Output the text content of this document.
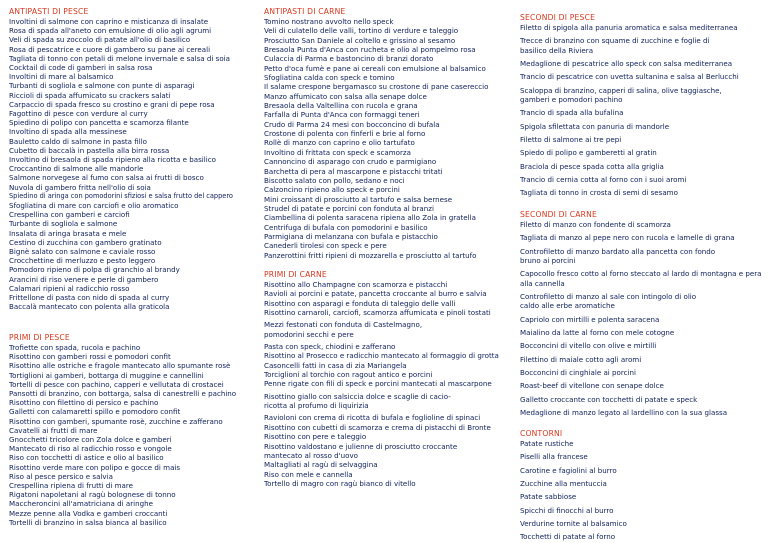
ANTIPASTI DI PESCE
Involtini di salmone con caprino e misticanza di insalate
Rosa di spada all'aneto con emulsione di olio agli agrumi
Veli di spada su zoccolo di patate all'olio di basilico
Rosa di pescatrice e cuore di gambero su pane ai cereali
Tagliata di tonno con petali di melone invernale e salsa di soia
Cocktail di code di gamberi in salsa rosa
Involtini di mare al balsamico
Turbanti di sogliola e salmone con punte di asparagi
Riccioli di spada affumicato su crackers salati
Carpaccio di spada fresco su crostino e grani di pepe rosa
Fagottino di pesce con verdure al curry
Spiedino di polipo con pancetta e scamorza filante
Involtino di spada alla messinese
Bauletto caldo di salmone in pasta fillo
Cubetto di baccalà in pastella alla birra rossa
Involtino di bresaola di spada ripieno alla ricotta e basilico
Croccantino di salmone alle mandorle
Salmone norvegese al fumo con salsa ai frutti di bosco
Nuvola di gambero fritta nell'olio di soia
Spiedino di aringa con pomodorini sfiziosi e salsa frutto del cappero
Sfogliatina di mare con carciofi e olio aromatico
Crespellina con gamberi e carciofi
Turbante di sogliola e salmone
Insalata di aringa brasata e mele
Cestino di zucchina con gambero gratinato
Bignè salato con salmone e caviale rosso
Crocchettine di merluzzo e pesto leggero
Pomodoro ripieno di polpa di granchio al brandy
Arancini di riso venere e perle di gambero
Calamari ripieni al radicchio rosso
Frittellone di pasta con nido di spada al curry
Baccalà mantecato con polenta alla graticola
PRIMI DI PESCE
Trofiette con spada, rucola e pachino
Risottino con gamberi rossi e pomodori confit
Risottino alle ostriche e fragole mantecato allo spumante rosè
Tortiglioni ai gamberi, bottarga di muggine e cannellini
Tortelli di pesce con pachino, capperi e vellutata di crostacei
Pansotti di branzino, con bottarga, salsa di canestrelli e pachino
Risottino con filettino di persico e pachino
Galletti con calamaretti spillo e pomodoro confit
Risottino con gamberi, spumante rosè, zucchine e zafferano
Cavatelli ai frutti di mare
Gnocchetti tricolore con Zola dolce e gamberi
Mantecato di riso al radicchio rosso e vongole
Riso con tocchetti di astice e olio al basilico
Risottino verde mare con polipo e gocce di mais
Riso al pesce persico e salvia
Crespellina ripiena di frutti di mare
Rigatoni napoletani al ragù bolognese di tonno
Maccheroncini all'amatriciana di aringhe
Mezze penne alla Vodka e gamberi croccanti
Tortelli di branzino in salsa bianca al basilico
ANTIPASTI DI CARNE
Tomino nostrano avvolto nello speck
Veli di culatello delle valli, tortino di verdure e taleggio
Prosciutto San Daniele al coltello e grissino al sesamo
Bresaola Punta d'Anca con rucheta e olio al pompelmo rosa
Culaccia di Parma e bastoncino di branzi dorato
Petto d'oca fumè e pane ai cereali con emulsione al balsamico
Sfogliatina calda con speck e tomino
Il salame crespone bergamasco su crostone di pane casereccio
Manzo affumicato con salsa alla senape dolce
Bresaola della Valtellina con rucola e grana
Farfalla di Punta d'Anca con formaggi teneri
Crudo di Parma 24 mesi con bocconcino di bufala
Crostone di polenta con finferli e brie al forno
Rollè di manzo con caprino e olio tartufato
Involtino di frittata con speck e scamorza
Cannoncino di asparago con crudo e parmigiano
Barchetta di pera al mascarpone e pistacchi tritati
Biscotto salato con pollo, sedano e noci
Calzoncino ripieno allo speck e porcini
Mini croissant di prosciutto al tartufo e salsa bernese
Strudel di patate e porcini con fonduta al branzi
Ciambellina di polenta saracena ripiena allo Zola in gratella
Centrifuga di bufala con pomodorini e basilico
Parmigiana di melanzana con bufala e pistacchio
Canederli tirolesi con speck e pere
Panzerottini fritti ripieni di mozzarella e prosciutto al tartufo
PRIMI DI CARNE
Risottino allo Champagne con scamorza e pistacchi
Ravioli ai porcini e patate, pancetta croccante al burro e salvia
Risottino con asparagi e fonduta di taleggio delle valli
Risottino carnaroli, carciofi, scamorza affumicata e pinoli tostati
Mezzi festonati con fonduta di Castelmagno, pomodorini secchi e pere
Pasta con speck, chiodini e zafferano
Risottino al Prosecco e radicchio mantecato al formaggio di grotta
Casoncelli fatti in casa di zia Mariangela
Torciglioni al torchio con ragout antico e porcini
Penne rigate con fili di speck e porcini mantecati al mascarpone
Risottino giallo con salsiccia dolce e scaglie di cacio-ricotta al profumo di liquirizia
Ravioloni con crema di ricotta di bufala e foglioline di spinaci
Risottino con cubetti di scamorza e crema di pistacchi di Bronte
Risottino con pere e taleggio
Risottino valdostano e julienne di prosciutto croccante mantecato al rosso d'uovo
Maltagliati al ragù di selvaggina
Riso con mele e cannella
Tortello di magro con ragù bianco di vitello
SECONDI DI PESCE
Filetto di spigola alla panuria aromatica e salsa mediterranea
Trecce di branzino con squame di zucchine e foglie di basilico della Riviera
Medaglione di pescatrice allo speck con salsa mediterranea
Trancio di pescatrice con uvetta sultanina e salsa al Berlucchi
Scaloppa di branzino, capperi di salina, olive taggiasche, gamberi e pomodori pachino
Trancio di spada alla bufalina
Spigola sfilettata con panuria di mandorle
Filetto di salmone ai tre pepi
Spiedo di polipo e gamberetti al gratin
Braciola di pesce spada cotta alla griglia
Trancio di cernia cotta al forno con i suoi aromi
Tagliata di tonno in crosta di semi di sesamo
SECONDI DI CARNE
Filetto di manzo con fondente di scamorza
Tagliata di manzo al pepe nero con rucola e lamelle di grana
Controfiletto di manzo bardato alla pancetta con fondo bruno ai porcini
Capocollo fresco cotto al forno steccato al lardo di montagna e pera alla cannella
Controfiletto di manzo al sale con intingolo di olio caldo alle erbe aromatiche
Capriolo con mirtilli e polenta saracena
Maialino da latte al forno con mele cotogne
Bocconcini di vitello con olive e mirtilli
Filettino di maiale cotto agli aromi
Bocconcini di cinghiale ai porcini
Roast-beef di vitellone con senape dolce
Galletto croccante con tocchetti di patate e speck
Medaglione di manzo legato al lardellino con la sua glassa
CONTORNI
Patate rustiche
Piselli alla francese
Carotine e fagiolini al burro
Zucchine alla mentuccia
Patate sabbiose
Spicchi di finocchi al burro
Verdurine tornite al balsamico
Tocchetti di patate al forno
